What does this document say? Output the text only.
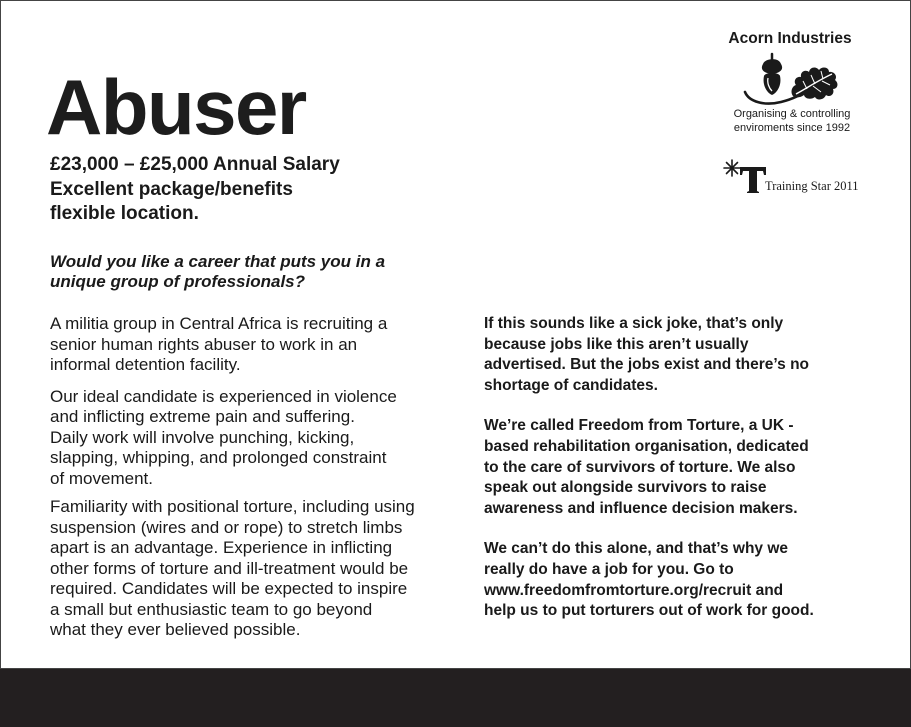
Abuser
£23,000 – £25,000 Annual Salary
Excellent package/benefits
flexible location.
Would you like a career that puts you in a
unique group of professionals?

A militia group in Central Africa is recruiting a
senior human rights abuser to work in an
informal detention facility.

Our ideal candidate is experienced in violence
and inflicting extreme pain and suffering.
Daily work will involve punching, kicking,
slapping, whipping, and prolonged constraint
of movement.

Familiarity with positional torture, including using
suspension (wires and or rope) to stretch limbs
apart is an advantage. Experience in inflicting
other forms of torture and ill-treatment would be
required. Candidates will be expected to inspire
a small but enthusiastic team to go beyond
what they ever believed possible.

If this sounds like a sick joke, that’s only
because jobs like this aren’t usually
advertised. But the jobs exist and there’s no
shortage of candidates.

We’re called Freedom from Torture, a UK -
based rehabilitation organisation, dedicated
to the care of survivors of torture. We also
speak out alongside survivors to raise
awareness and influence decision makers.

We can’t do this alone, and that’s why we
really do have a job for you. Go to
www.freedomfromtorture.org/recruit and
help us to put torturers out of work for good.

Acorn Industries
Organising & controlling
enviroments since 1992
Training Star 2011
